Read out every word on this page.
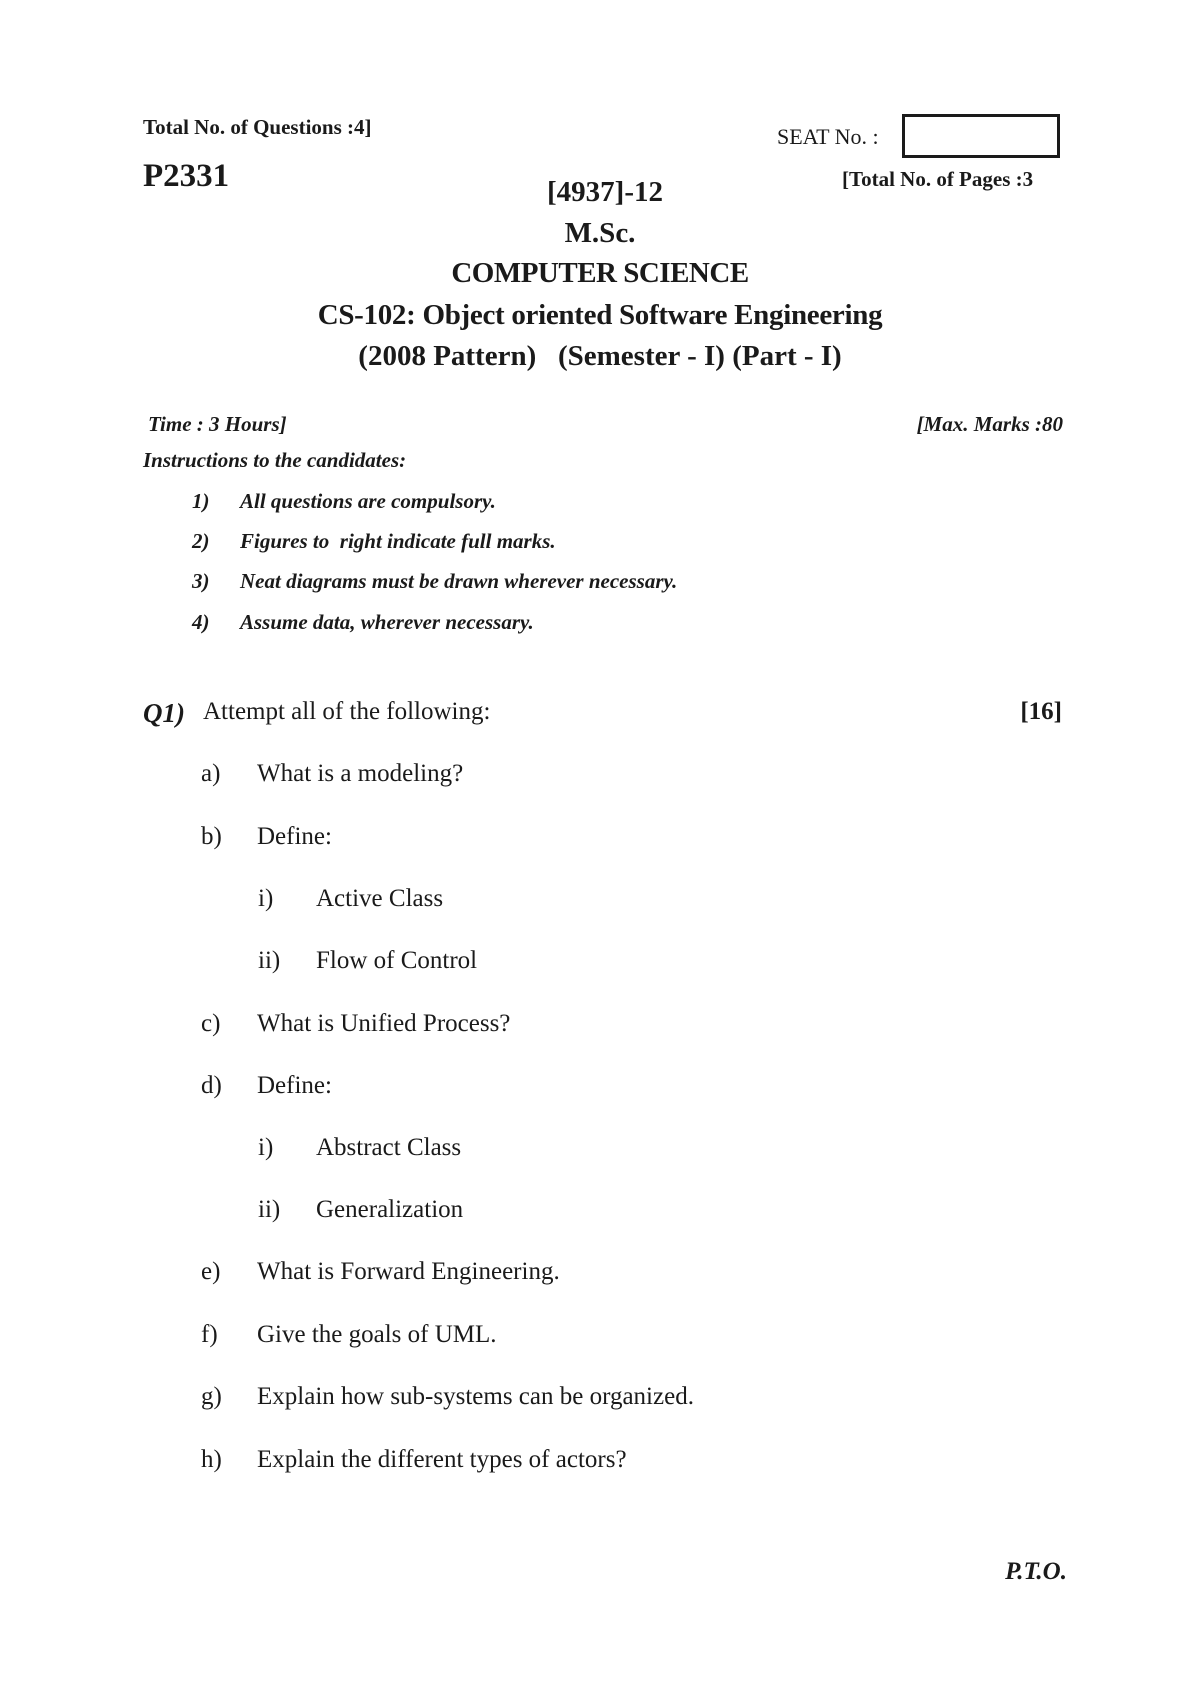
Total No. of Questions :4]
P2331
SEAT No. :
[Total No. of Pages :3
[4937]-12
M.Sc.
COMPUTER SCIENCE
CS-102: Object oriented Software Engineering
(2008 Pattern)   (Semester - I) (Part - I)
Time : 3 Hours]	[Max. Marks :80
Instructions to the candidates:
1) All questions are compulsory.
2) Figures to  right indicate full marks.
3) Neat diagrams must be drawn wherever necessary.
4) Assume data, wherever necessary.
Q1) Attempt all of the following:	[16]
a) What is a modeling?
b) Define:
i) Active Class
ii) Flow of Control
c) What is Unified Process?
d) Define:
i) Abstract Class
ii) Generalization
e) What is Forward Engineering.
f) Give the goals of UML.
g) Explain how sub-systems can be organized.
h) Explain the different types of actors?
P.T.O.
